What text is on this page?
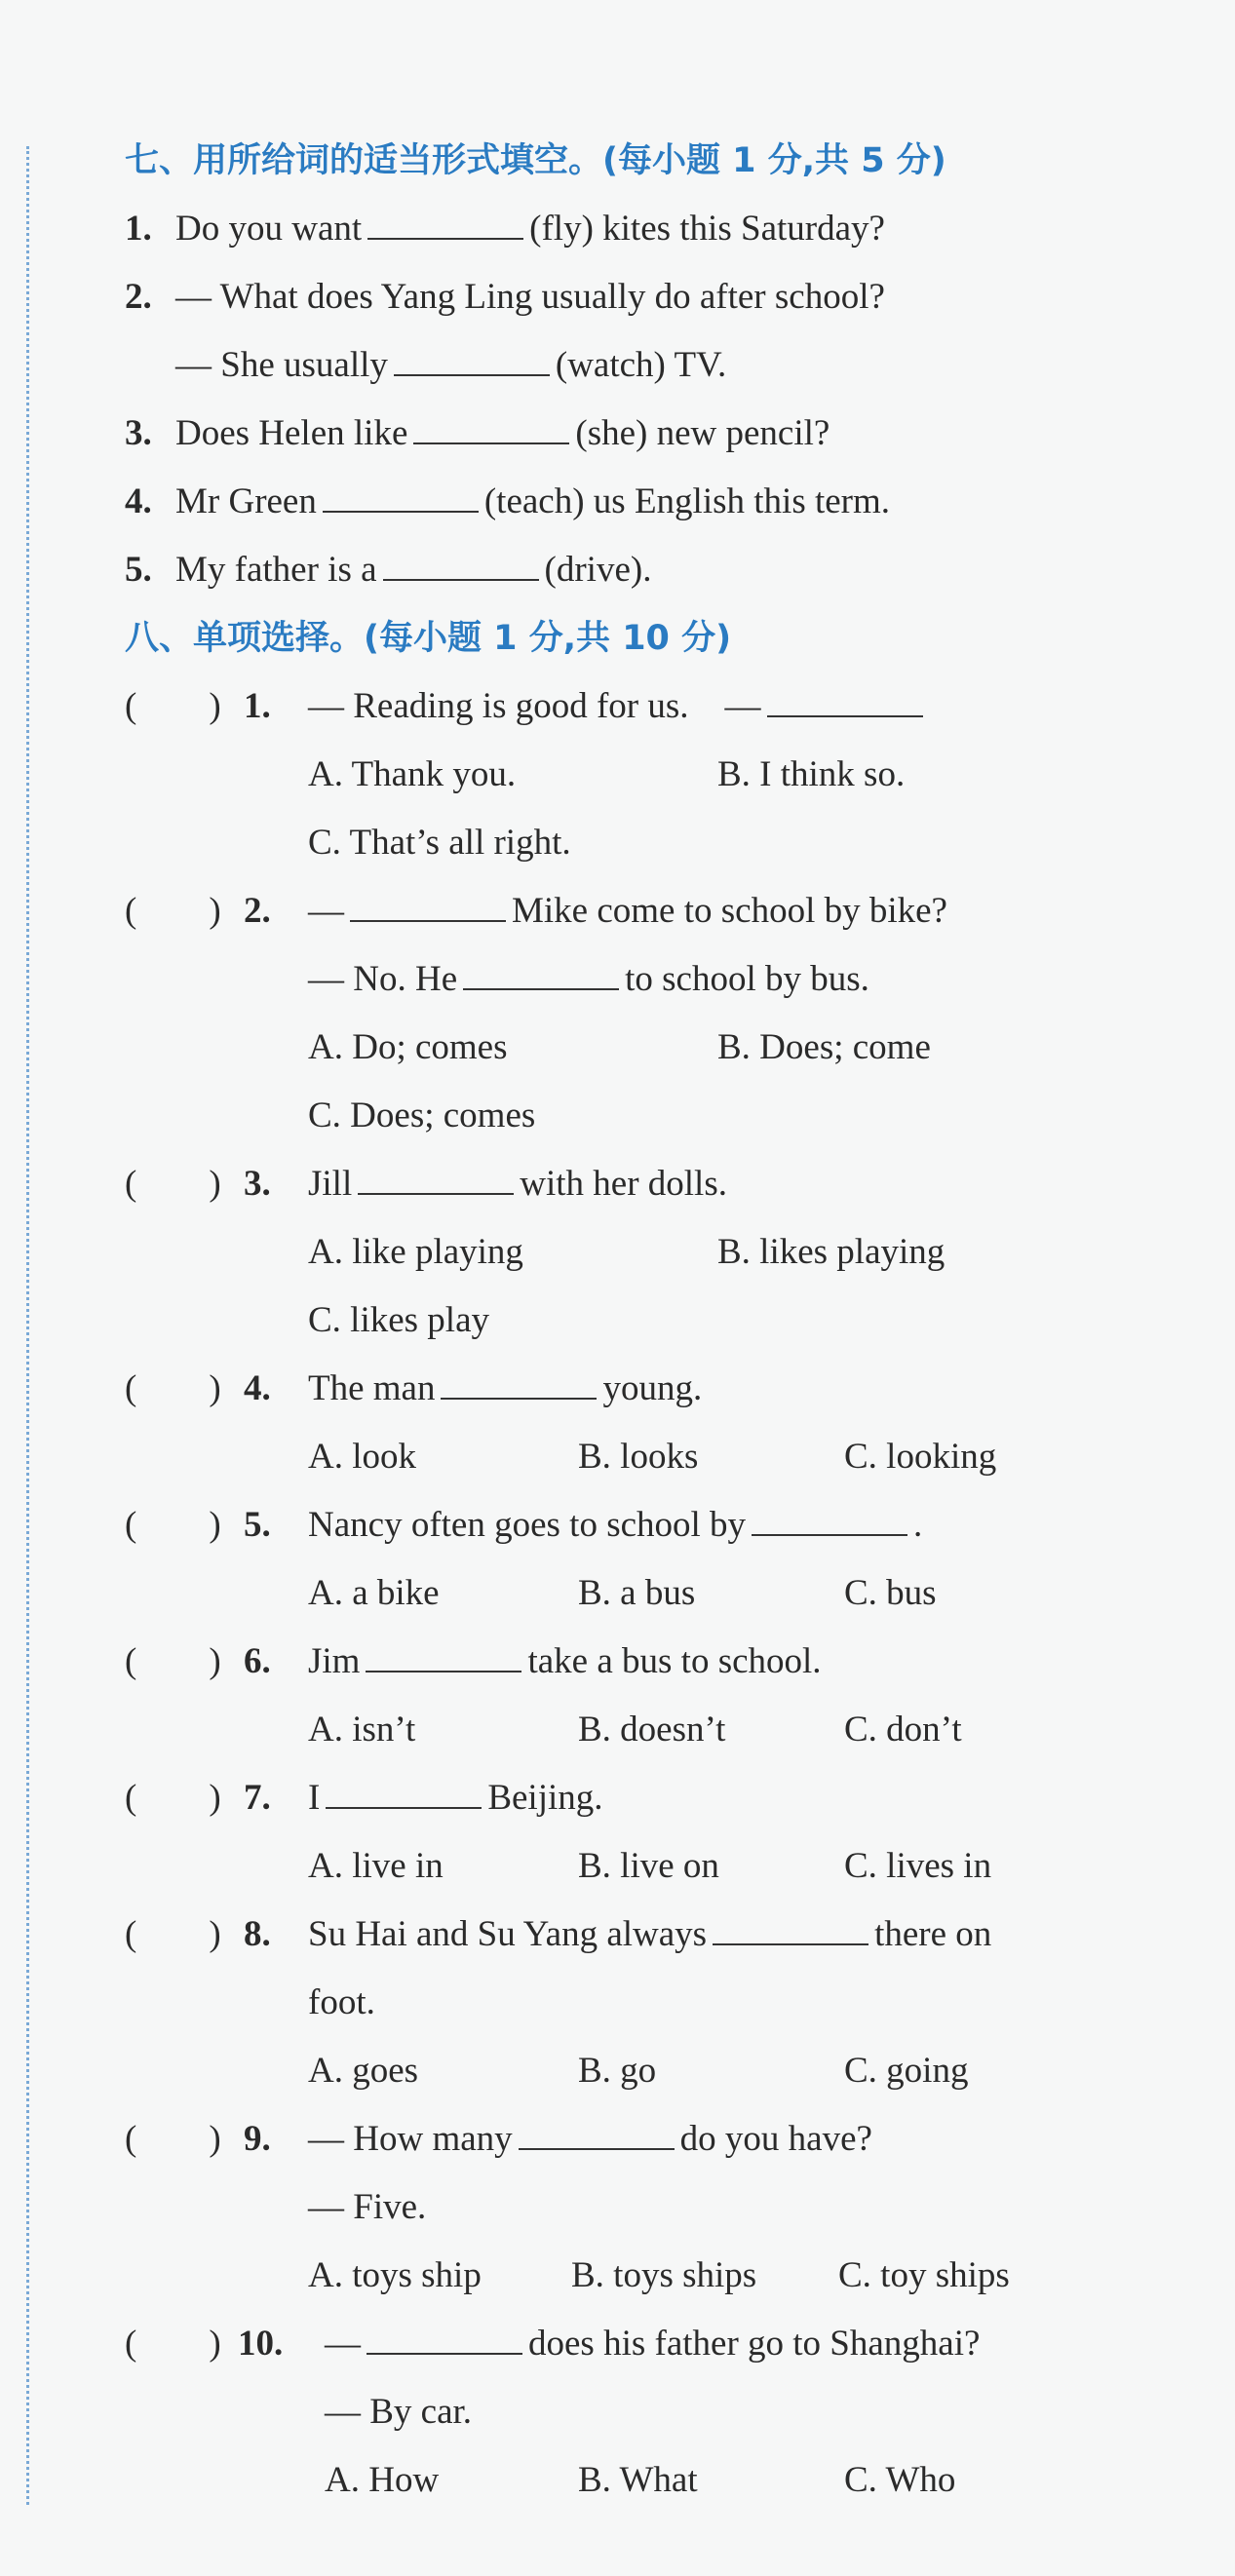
七、用所给词的适当形式填空。(每小题 1 分,共 5 分)
1. Do you want	(fly) kites this Saturday?
2. — What does Yang Ling usually do after school?
— She usually	(watch) TV.
3. Does Helen like	(she) new pencil?
4. Mr Green	(teach) us English this term.
5. My father is a	(drive).
八、单项选择。(每小题 1 分,共 10 分)
(　　) 1. — Reading is good for us.　—
A. Thank you.	B. I think so.
C. That’s all right.
(　　) 2. —	Mike come to school by bike?
— No. He	to school by bus.
A. Do; comes	B. Does; come
C. Does; comes
(　　) 3. Jill	with her dolls.
A. like playing	B. likes playing
C. likes play
(　　) 4. The man	young.
A. look	B. looks	C. looking
(　　) 5. Nancy often goes to school by	.
A. a bike	B. a bus	C. bus
(　　) 6. Jim	take a bus to school.
A. isn’t	B. doesn’t	C. don’t
(　　) 7. I	Beijing.
A. live in	B. live on	C. lives in
(　　) 8. Su Hai and Su Yang always	there on
foot.
A. goes	B. go	C. going
(　　) 9. — How many	do you have?
— Five.
A. toys ship B. toys ships C. toy ships
(　　) 10. —	does his father go to Shanghai?
— By car.
A. How	B. What	C. Who
